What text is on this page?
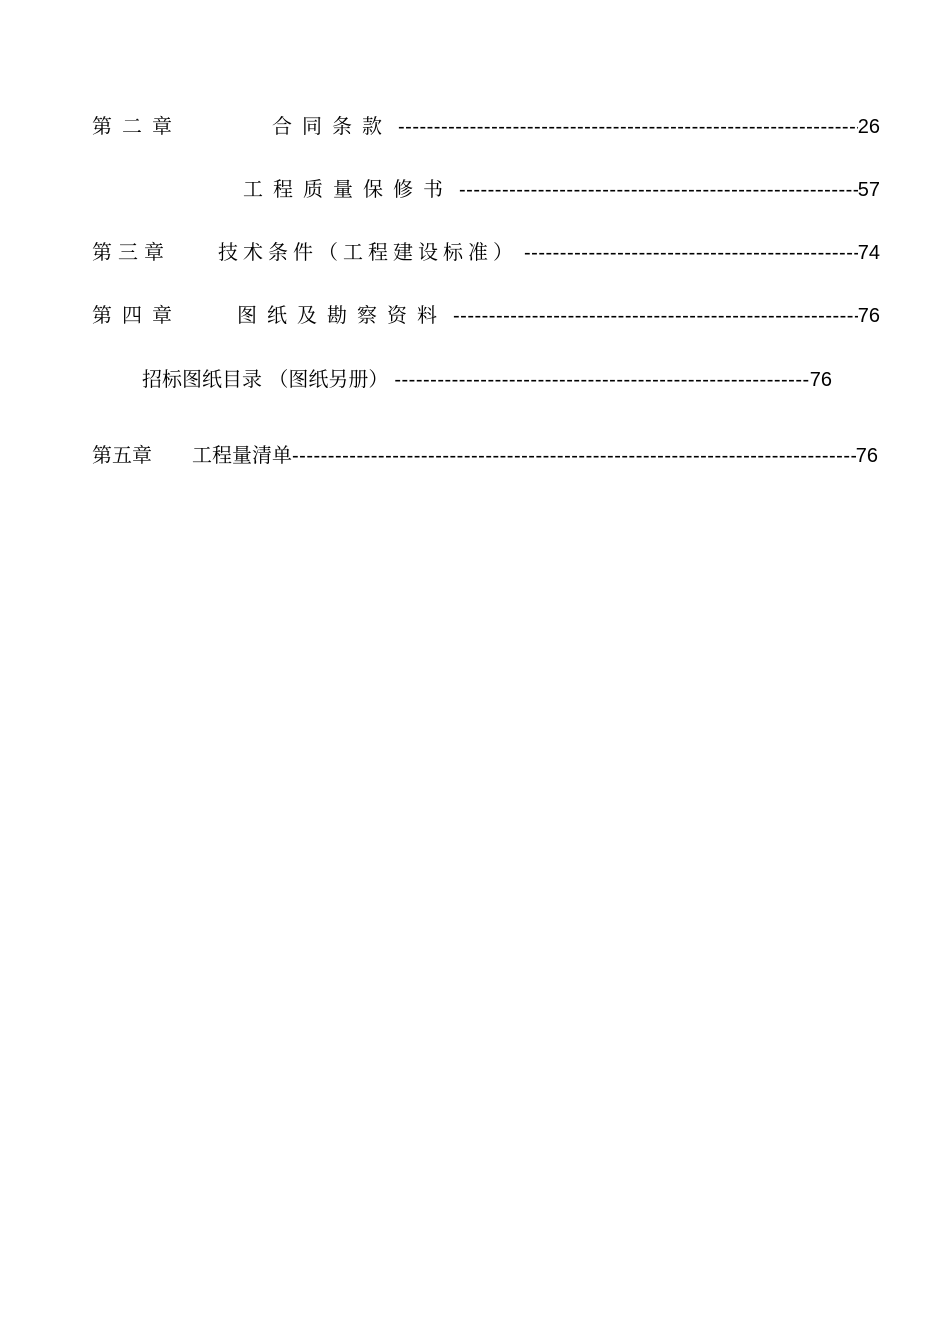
第二章	合同条款 -----	26
工程质量保修书 -----	57
第三章	技术条件（工程建设标准） -----	74
第四章	图纸及勘察资料 -----	76
招标图纸目录 （图纸另册） -----	76
第五章	工程量清单 -----	76
